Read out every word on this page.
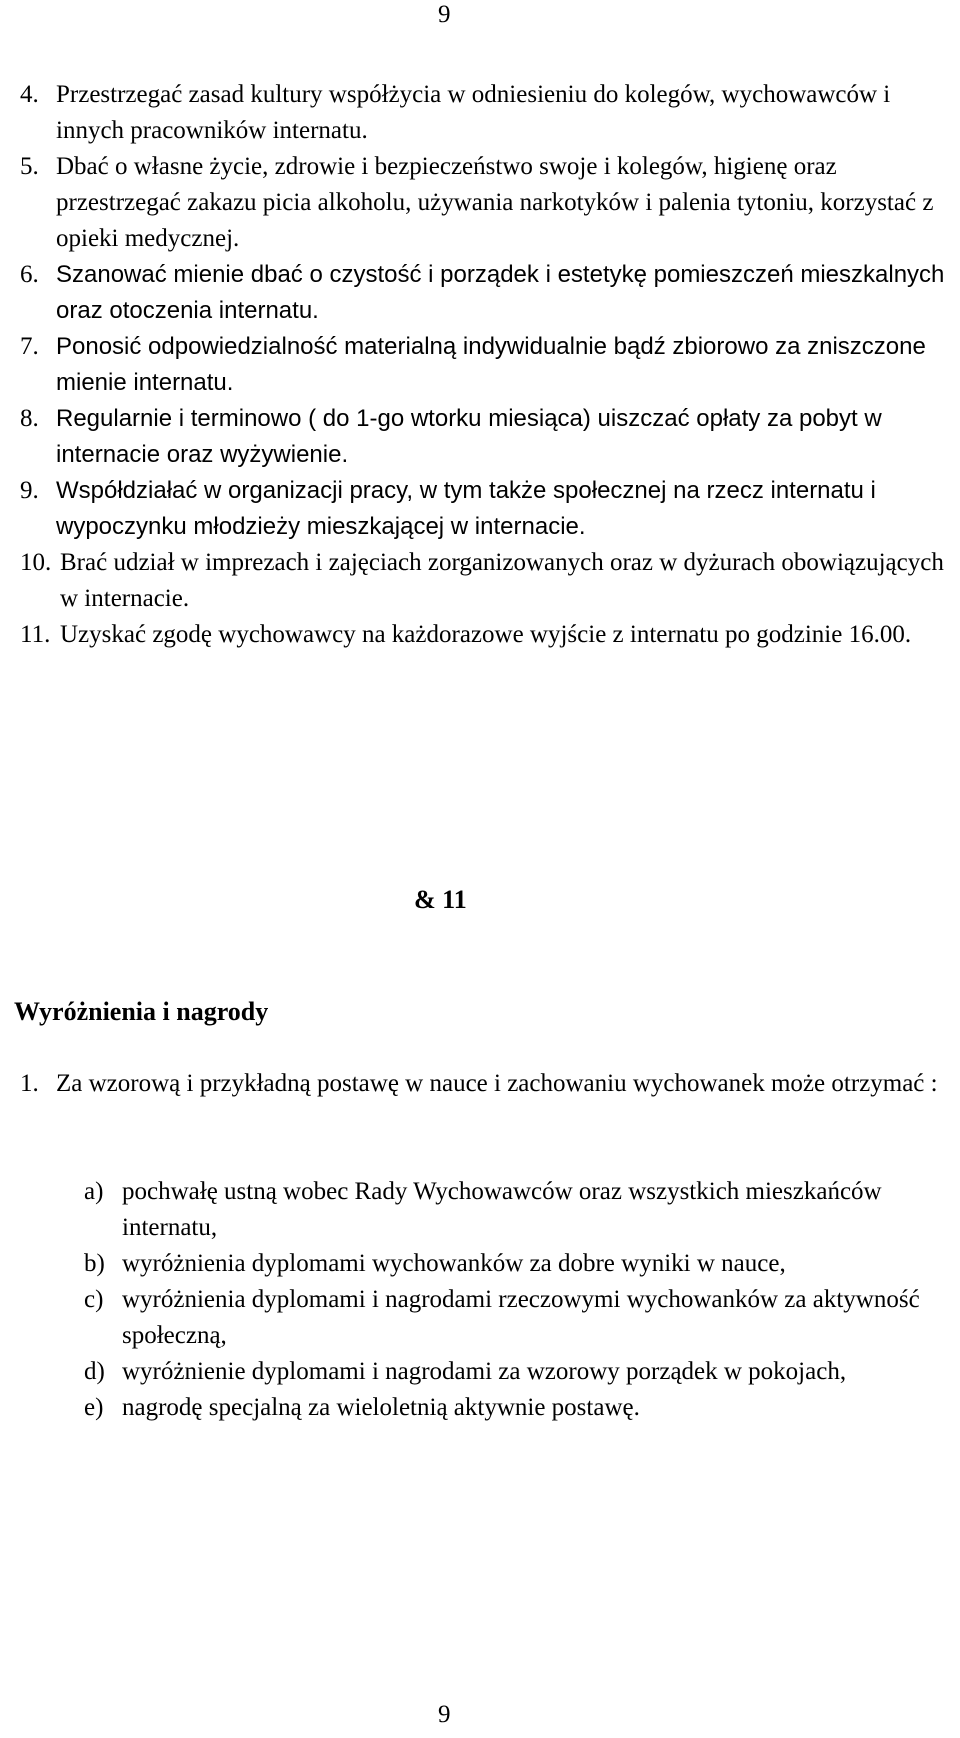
9
4. Przestrzegać zasad kultury współżycia w odniesieniu do kolegów, wychowawców i innych pracowników internatu.
5. Dbać o własne życie, zdrowie i bezpieczeństwo swoje i kolegów, higienę oraz przestrzegać zakazu picia alkoholu, używania narkotyków i palenia tytoniu, korzystać z opieki medycznej.
6. Szanować mienie dbać o czystość i porządek i estetykę pomieszczeń mieszkalnych oraz otoczenia internatu.
7. Ponosić odpowiedzialność materialną indywidualnie bądź zbiorowo za zniszczone mienie internatu.
8. Regularnie i terminowo ( do 1-go wtorku miesiąca) uiszczać opłaty za pobyt w internacie oraz wyżywienie.
9. Współdziałać w organizacji pracy, w tym także społecznej na rzecz internatu i wypoczynku młodzieży mieszkającej w internacie.
10. Brać udział w imprezach i zajęciach zorganizowanych oraz w dyżurach obowiązujących w internacie.
11. Uzyskać zgodę wychowawcy na każdorazowe wyjście z internatu po godzinie 16.00.
& 11
Wyróżnienia i nagrody
1. Za wzorową i przykładną postawę w nauce i zachowaniu wychowanek może otrzymać :
a) pochwałę ustną wobec Rady Wychowawców oraz wszystkich mieszkańców internatu,
b) wyróżnienia dyplomami wychowanków za dobre wyniki w nauce,
c) wyróżnienia dyplomami i nagrodami rzeczowymi wychowanków za aktywność społeczną,
d) wyróżnienie dyplomami i nagrodami za wzorowy porządek w pokojach,
e) nagrodę specjalną za wieloletnią aktywnie postawę.
9
